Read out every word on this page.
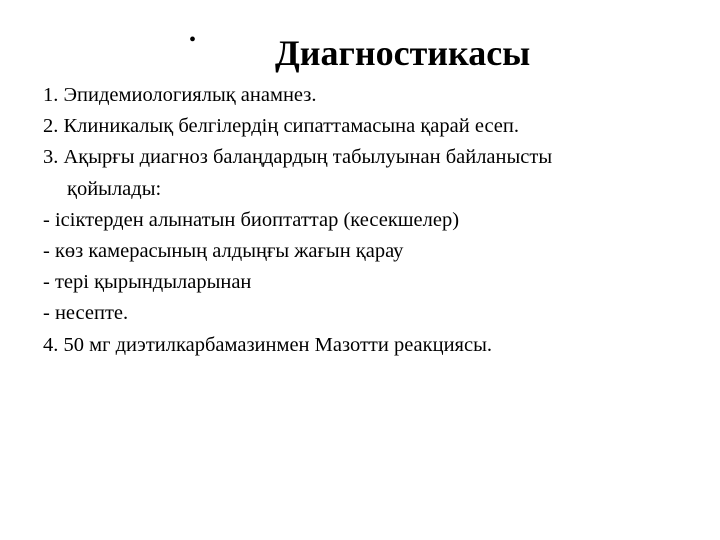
• Диагностикасы
1. Эпидемиологиялық анамнез.
2. Клиникалық белгілердің сипаттамасына қарай есеп.
3. Ақырғы диагноз балаңдардың табылуынан байланысты
қойылады:
- ісіктерден алынатын биоптаттар (кесекшелер)
- көз камерасының алдыңғы жағын қарау
- тері қырындыларынан
- несепте.
4. 50 мг диэтилкарбамазинмен Мазотти реакциясы.
